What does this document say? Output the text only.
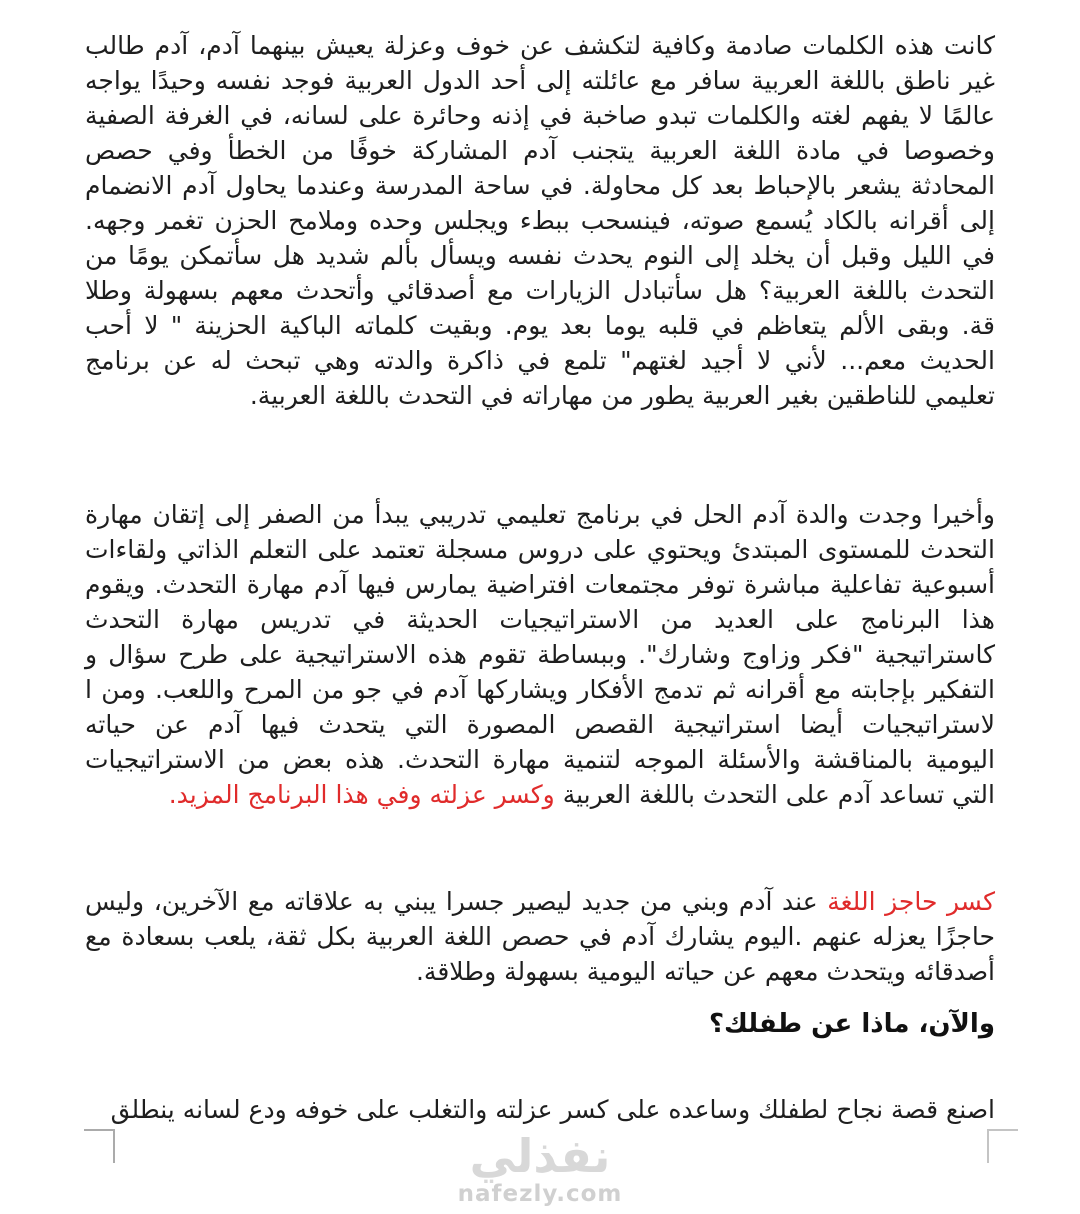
كانت هذه الكلمات صادمة وكافية لتكشف عن خوف وعزلة يعيش بينهما آدم، آدم طالب
غير ناطق باللغة العربية سافر مع عائلته إلى أحد الدول العربية فوجد نفسه وحيدًا يواجه
عالمًا لا يفهم لغته والكلمات تبدو صاخبة في إذنه وحائرة على لسانه، في الغرفة الصفية
وخصوصا في مادة اللغة العربية يتجنب آدم المشاركة خوفًا من الخطأ وفي حصص
المحادثة يشعر بالإحباط بعد كل محاولة. في ساحة المدرسة وعندما يحاول آدم الانضمام
إلى أقرانه بالكاد يُسمع صوته، فينسحب ببطء ويجلس وحده وملامح الحزن تغمر وجهه.
في الليل وقبل أن يخلد إلى النوم يحدث نفسه ويسأل بألم شديد هل سأتمكن يومًا من
التحدث باللغة العربية؟ هل سأتبادل الزيارات مع أصدقائي وأتحدث معهم بسهولة وطلا
قة. وبقى الألم يتعاظم في قلبه يوما بعد يوم. وبقيت كلماته الباكية الحزينة " لا أحب
الحديث معم... لأني لا أجيد لغتهم" تلمع في ذاكرة والدته وهي تبحث له عن برنامج
تعليمي للناطقين بغير العربية يطور من مهاراته في التحدث باللغة العربية.
وأخيرا وجدت والدة آدم الحل في برنامج تعليمي تدريبي يبدأ من الصفر إلى إتقان مهارة
التحدث للمستوى المبتدئ ويحتوي على دروس مسجلة تعتمد على التعلم الذاتي ولقاءات
أسبوعية تفاعلية مباشرة توفر مجتمعات افتراضية يمارس فيها آدم مهارة التحدث. ويقوم
هذا البرنامج على العديد من الاستراتيجيات الحديثة في تدريس مهارة التحدث
كاستراتيجية "فكر وزاوج وشارك". وببساطة تقوم هذه الاستراتيجية على طرح سؤال و
التفكير بإجابته مع أقرانه ثم تدمج الأفكار ويشاركها آدم في جو من المرح واللعب. ومن ا
لاستراتيجيات أيضا استراتيجية القصص المصورة التي يتحدث فيها آدم عن حياته
اليومية بالمناقشة والأسئلة الموجه لتنمية مهارة التحدث. هذه بعض من الاستراتيجيات
التي تساعد آدم على التحدث باللغة العربية وكسر عزلته وفي هذا البرنامج المزيد.
كسر حاجز اللغة عند آدم وبني من جديد ليصير جسرا يبني به علاقاته مع الآخرين، وليس
حاجزًا يعزله عنهم .اليوم يشارك آدم في حصص اللغة العربية بكل ثقة، يلعب بسعادة مع
أصدقائه ويتحدث معهم عن حياته اليومية بسهولة وطلاقة.
والآن، ماذا عن طفلك؟
اصنع قصة نجاح لطفلك وساعده على كسر عزلته والتغلب على خوفه ودع لسانه ينطلق
نفذلي
nafezly.com
